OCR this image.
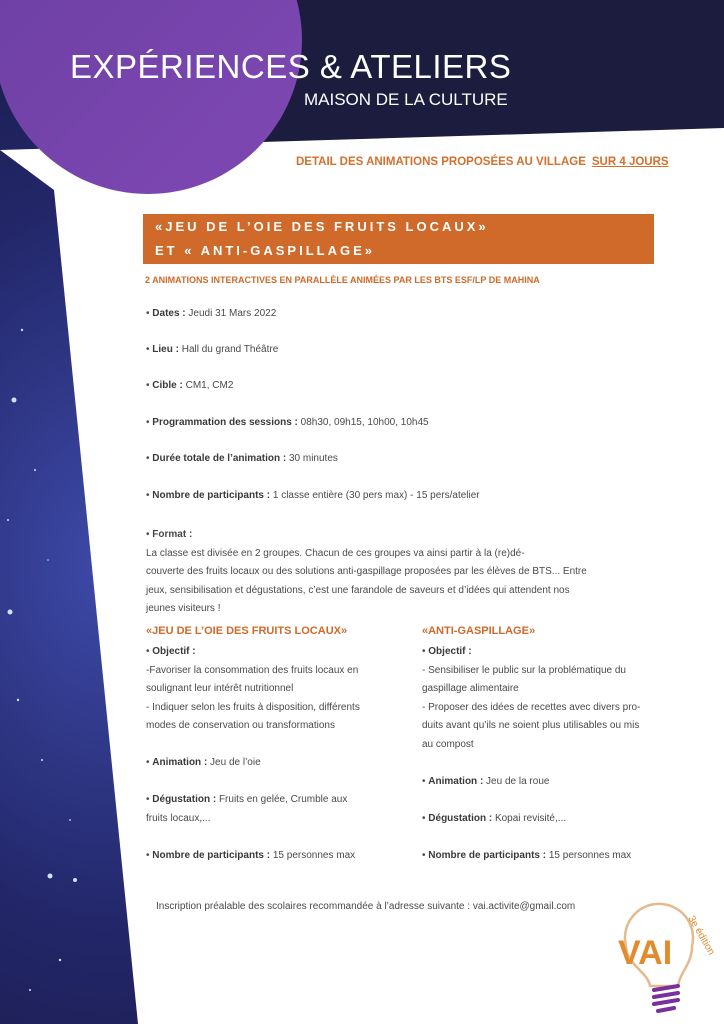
EXPÉRIENCES & ATELIERS
MAISON DE LA CULTURE
DETAIL DES ANIMATIONS PROPOSÉES AU VILLAGE SUR 4 JOURS
«JEU DE L’OIE DES FRUITS LOCAUX»
ET « ANTI-GASPILLAGE»
2 ANIMATIONS INTERACTIVES EN PARALLÈLE ANIMÉES PAR LES BTS ESF/LP DE MAHINA
• Dates : Jeudi 31 Mars 2022
• Lieu : Hall du grand Théâtre
• Cible : CM1, CM2
• Programmation des sessions : 08h30, 09h15, 10h00, 10h45
• Durée totale de l’animation : 30 minutes
• Nombre de participants : 1 classe entière (30 pers max) - 15 pers/atelier
• Format :
La classe est divisée en 2 groupes. Chacun de ces groupes va ainsi partir à la (re)dé-
couverte des fruits locaux ou des solutions anti-gaspillage proposées par les élèves de BTS... Entre
jeux, sensibilisation et dégustations, c’est une farandole de saveurs et d’idées qui attendent nos
jeunes visiteurs !
«JEU DE L’OIE DES FRUITS LOCAUX»
• Objectif :
-Favoriser la consommation des fruits locaux en
soulignant leur intérêt nutritionnel
- Indiquer selon les fruits à disposition, différents
modes de conservation ou transformations

• Animation : Jeu de l’oie

• Dégustation : Fruits en gelée, Crumble aux
fruits locaux,...

• Nombre de participants : 15 personnes max
«ANTI-GASPILLAGE»
• Objectif :
- Sensibiliser le public sur la problématique du
gaspillage alimentaire
- Proposer des idées de recettes avec divers pro-
duits avant qu’ils ne soient plus utilisables ou mis
au compost

• Animation : Jeu de la roue

• Dégustation : Kopai revisité,...

• Nombre de participants : 15 personnes max
Inscription préalable des scolaires recommandée à l’adresse suivante : vai.activite@gmail.com
VAI 3e édition
